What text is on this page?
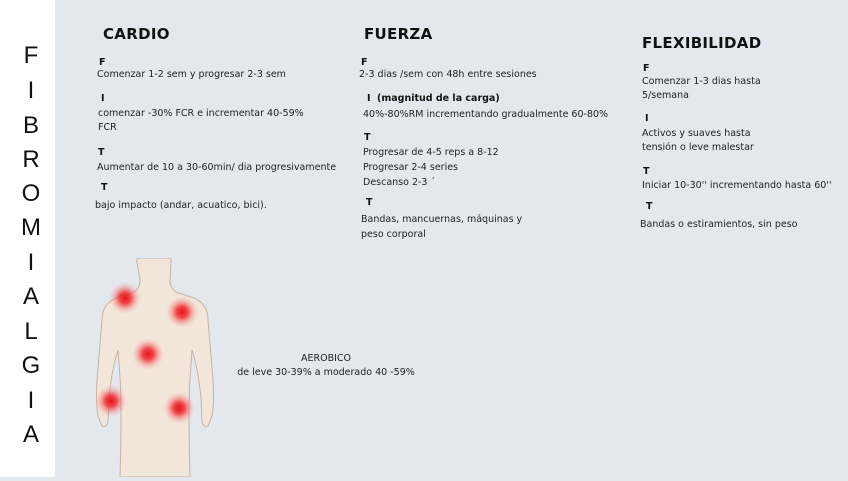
F
I
B
R
O
M
I
A
L
G
I
A
CARDIO
F
Comenzar 1-2 sem y progresar 2-3 sem
I
comenzar -30% FCR e incrementar 40-59%
FCR
T
Aumentar de 10 a 30-60min/ dia progresivamente
T
bajo impacto (andar, acuatico, bici).
FUERZA
F
2-3 dias /sem con 48h entre sesiones
I (magnitud de la carga)
40%-80%RM incrementando gradualmente 60-80%
T
Progresar de 4-5 reps a 8-12
Progresar 2-4 series
Descanso 2-3 ´
T
Bandas, mancuernas, máquinas y
peso corporal
FLEXIBILIDAD
F
Comenzar 1-3 dias hasta
5/semana
I
Activos y suaves hasta
tensión o leve malestar
T
Iniciar 10-30'' incrementando hasta 60''
T
Bandas o estiramientos, sin peso
AEROBICO
de leve 30-39% a moderado 40 -59%
